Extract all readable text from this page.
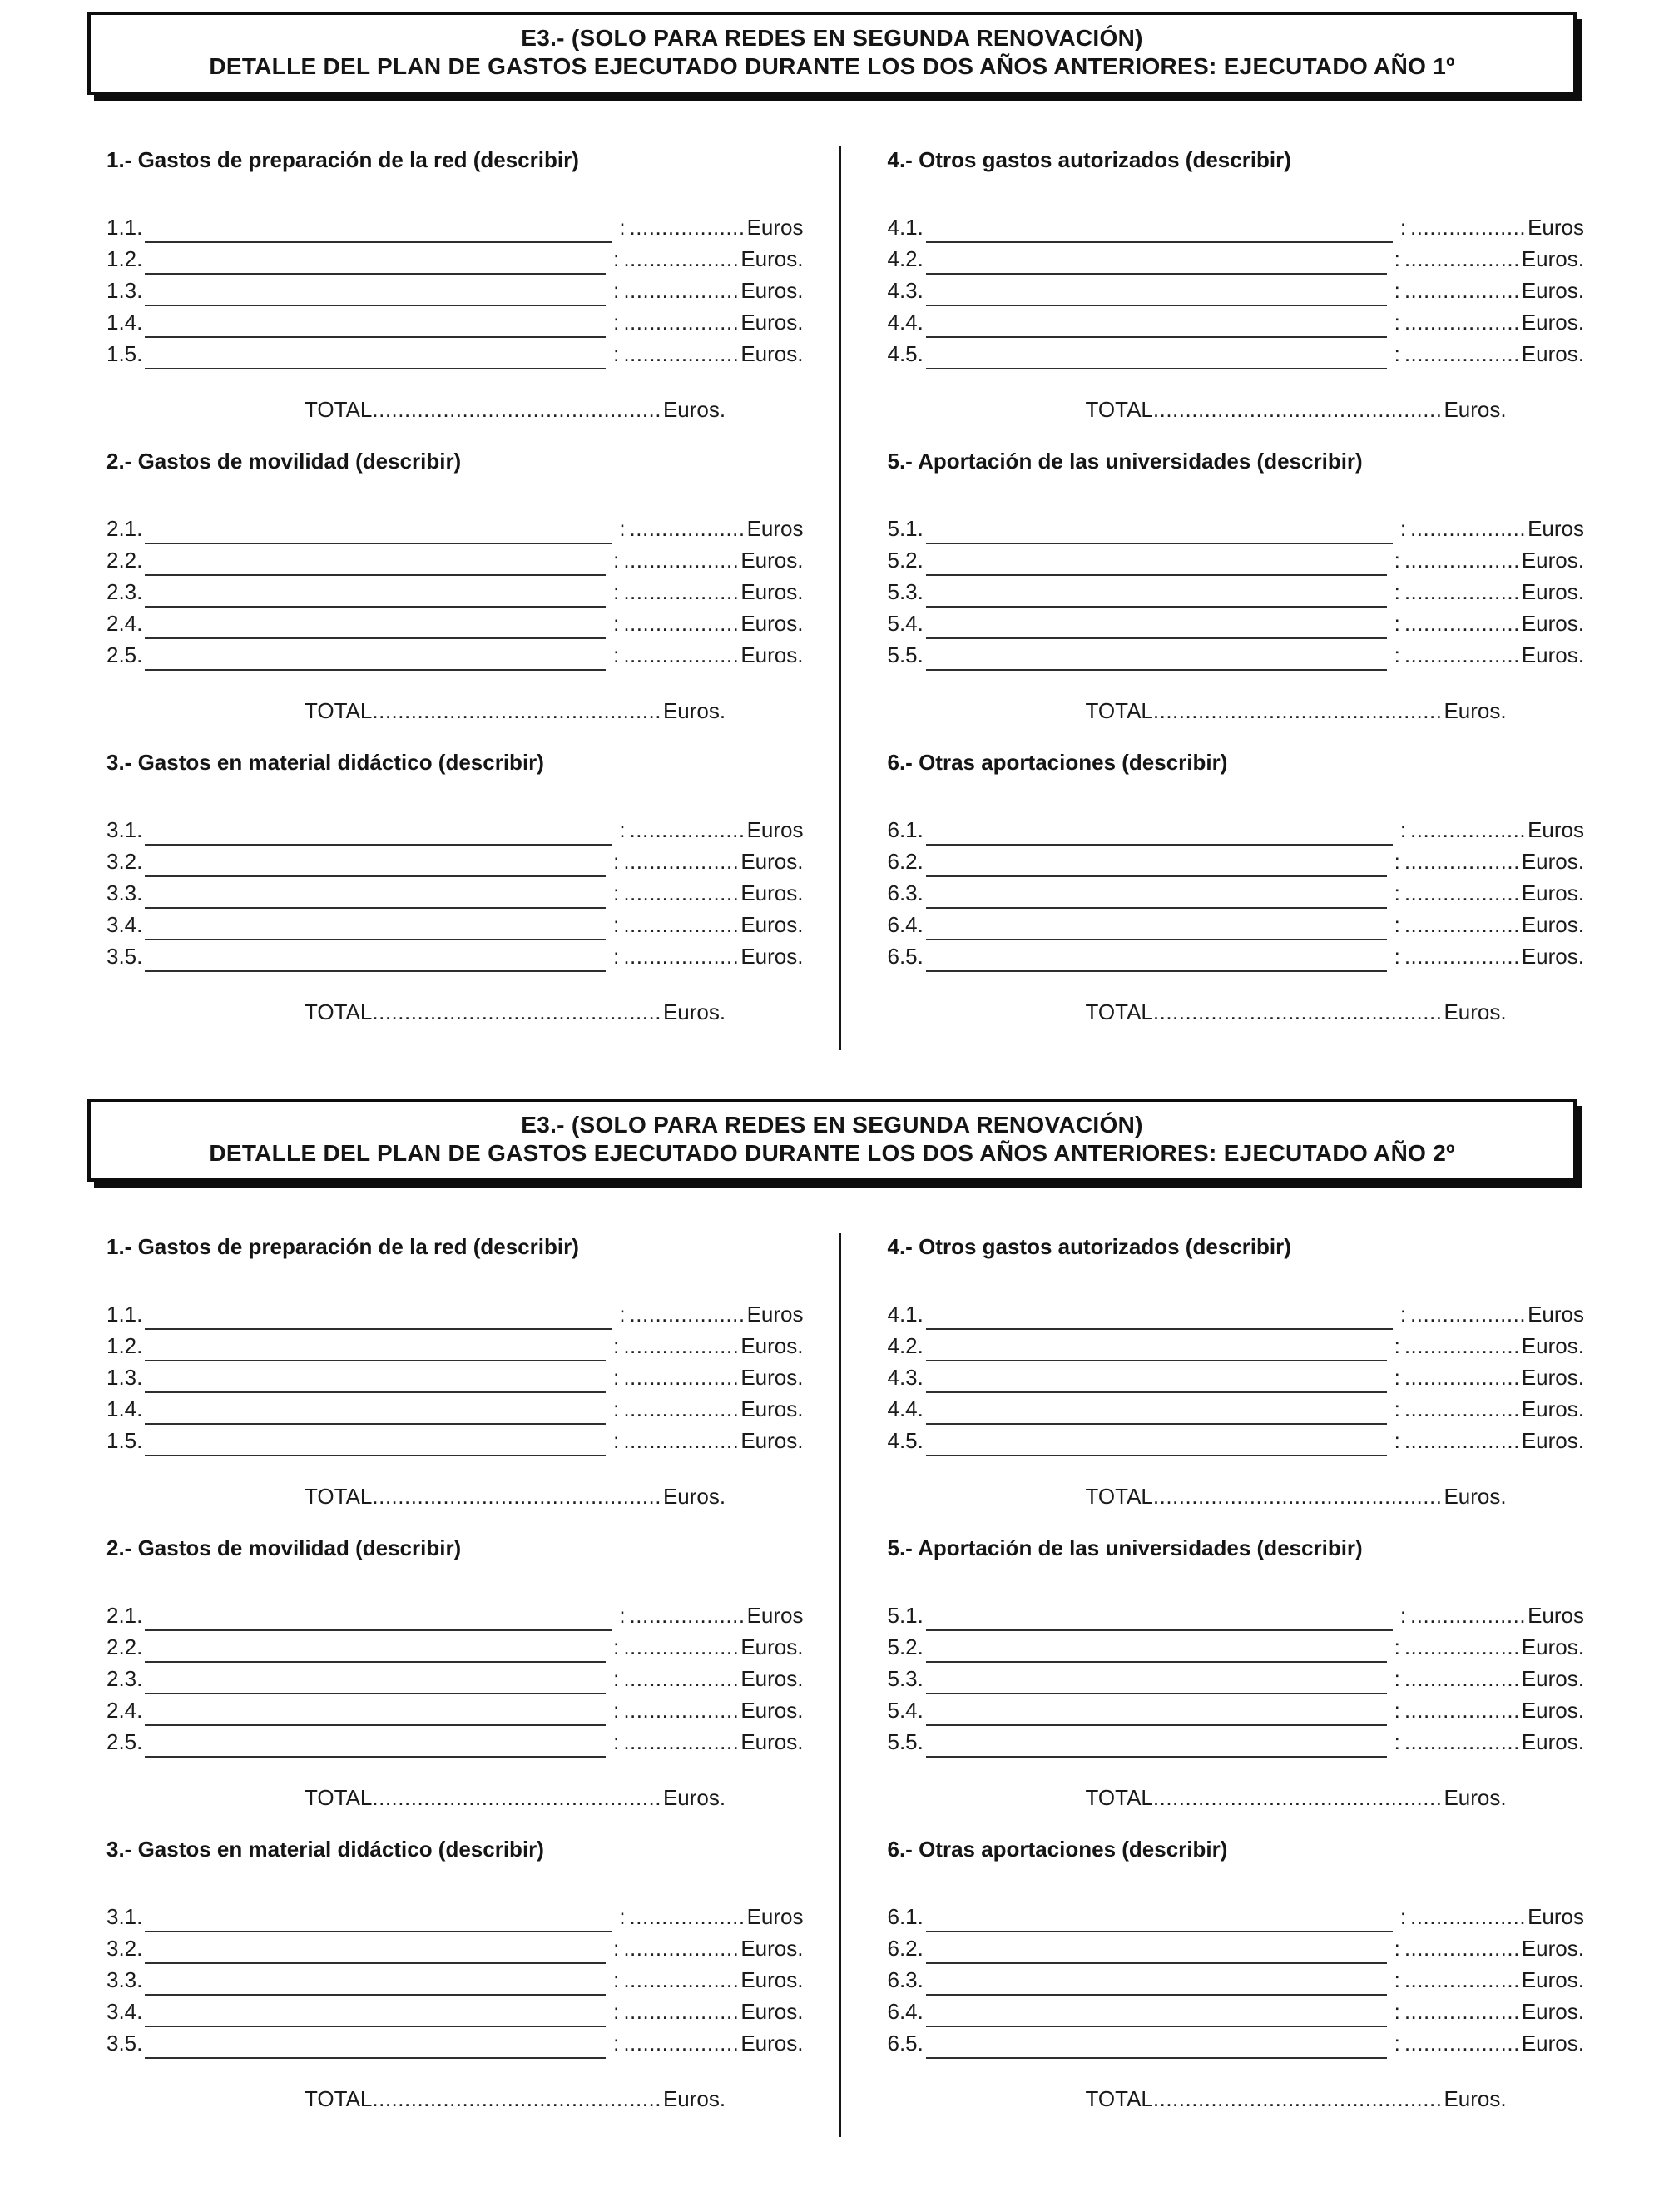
E3.- (SOLO PARA REDES EN SEGUNDA RENOVACIÓN)
DETALLE DEL PLAN DE GASTOS EJECUTADO DURANTE LOS DOS AÑOS ANTERIORES: EJECUTADO AÑO 1º
1.- Gastos de preparación de la red (describir)
1.1.	: .................. Euros
1.2.	: .................. Euros.
1.3.	: .................. Euros.
1.4.	: .................. Euros.
1.5.	: .................. Euros.
TOTAL ............................................. Euros.
2.- Gastos de movilidad (describir)
2.1.	: .................. Euros
2.2.	: .................. Euros.
2.3.	: .................. Euros.
2.4.	: .................. Euros.
2.5.	: .................. Euros.
TOTAL ............................................. Euros.
3.- Gastos en material didáctico (describir)
3.1.	: .................. Euros
3.2.	: .................. Euros.
3.3.	: .................. Euros.
3.4.	: .................. Euros.
3.5.	: .................. Euros.
TOTAL ............................................. Euros.
4.- Otros gastos autorizados (describir)
4.1.	: .................. Euros
4.2.	: .................. Euros.
4.3.	: .................. Euros.
4.4.	: .................. Euros.
4.5.	: .................. Euros.
TOTAL ............................................. Euros.
5.- Aportación de las universidades (describir)
5.1.	: .................. Euros
5.2.	: .................. Euros.
5.3.	: .................. Euros.
5.4.	: .................. Euros.
5.5.	: .................. Euros.
TOTAL ............................................. Euros.
6.- Otras aportaciones (describir)
6.1.	: .................. Euros
6.2.	: .................. Euros.
6.3.	: .................. Euros.
6.4.	: .................. Euros.
6.5.	: .................. Euros.
TOTAL ............................................. Euros.
E3.- (SOLO PARA REDES EN SEGUNDA RENOVACIÓN)
DETALLE DEL PLAN DE GASTOS EJECUTADO DURANTE LOS DOS AÑOS ANTERIORES: EJECUTADO AÑO 2º
1.- Gastos de preparación de la red (describir)
1.1.	: .................. Euros
1.2.	: .................. Euros.
1.3.	: .................. Euros.
1.4.	: .................. Euros.
1.5.	: .................. Euros.
TOTAL ............................................. Euros.
2.- Gastos de movilidad (describir)
2.1.	: .................. Euros
2.2.	: .................. Euros.
2.3.	: .................. Euros.
2.4.	: .................. Euros.
2.5.	: .................. Euros.
TOTAL ............................................. Euros.
3.- Gastos en material didáctico (describir)
3.1.	: .................. Euros
3.2.	: .................. Euros.
3.3.	: .................. Euros.
3.4.	: .................. Euros.
3.5.	: .................. Euros.
TOTAL ............................................. Euros.
4.- Otros gastos autorizados (describir)
4.1.	: .................. Euros
4.2.	: .................. Euros.
4.3.	: .................. Euros.
4.4.	: .................. Euros.
4.5.	: .................. Euros.
TOTAL ............................................. Euros.
5.- Aportación de las universidades (describir)
5.1.	: .................. Euros
5.2.	: .................. Euros.
5.3.	: .................. Euros.
5.4.	: .................. Euros.
5.5.	: .................. Euros.
TOTAL ............................................. Euros.
6.- Otras aportaciones (describir)
6.1.	: .................. Euros
6.2.	: .................. Euros.
6.3.	: .................. Euros.
6.4.	: .................. Euros.
6.5.	: .................. Euros.
TOTAL ............................................. Euros.
